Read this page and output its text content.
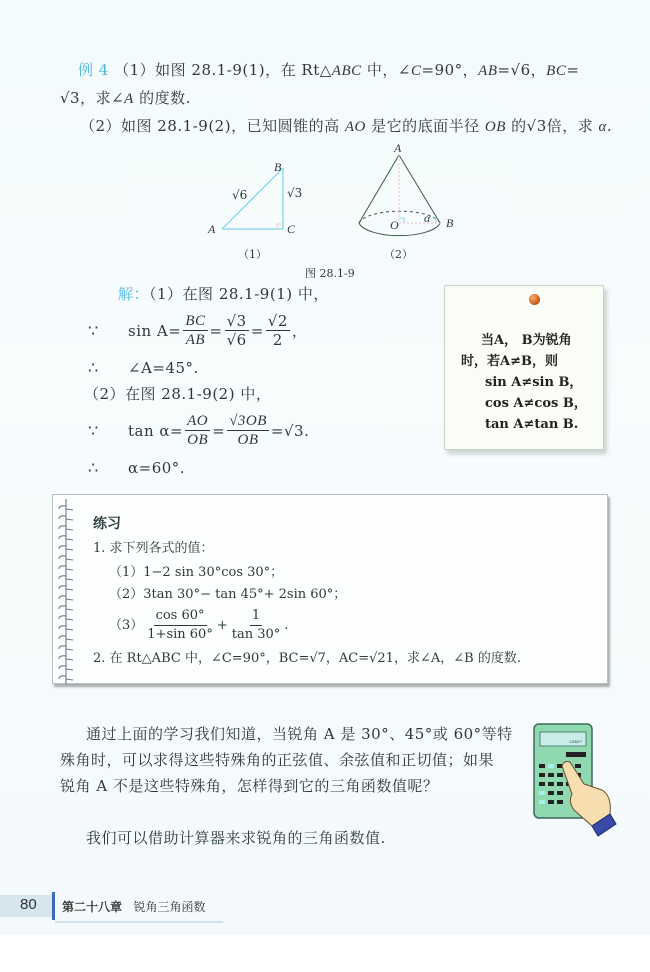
例 4 （1）如图 28.1-9(1)，在 Rt△ABC 中，∠C=90°，AB=√6，BC=
√3，求∠A 的度数.
（2）如图 28.1-9(2)，已知圆锥的高 AO 是它的底面半径 OB 的√3倍，求 α.
B
A	C
√6	√3
A
O	B
α
（1）	（2）
图 28.1-9
解：（1）在图 28.1-9(1) 中，
∵	$\sin A= \frac{BC}{AB} = \frac{√3}{√6} = \frac{√2}{2}$ ，
∴ ∠A=45°.
（2）在图 28.1-9(2) 中，
∵	$\tan \alpha= \frac{AO}{OB} = \frac{√3OB}{OB} =√3$.
∴ α=60°.
当A， B为锐角
时，若A≠B，则
sin A≠sin B，
cos A≠cos B，
tan A≠tan B.
练习
1. 求下列各式的值：
（1）1−2 sin 30°cos 30°；
（2）3tan 30°− tan 45°+ 2sin 60°；
$(3) \frac{\cos 60^\circ}{1+\sin 60^\circ} + \frac{1}{\tan 30^\circ}$ .
2. 在 Rt△ABC 中，∠C=90°，BC=√7，AC=√21，求∠A，∠B 的度数.
通过上面的学习我们知道，当锐角 A 是 30°、45°或 60°等特
殊角时，可以求得这些特殊角的正弦值、余弦值和正切值；如果
锐角 A 不是这些特殊角，怎样得到它的三角函数值呢？
我们可以借助计算器来求锐角的三角函数值.
23457
80 第二十八章 锐角三角函数
